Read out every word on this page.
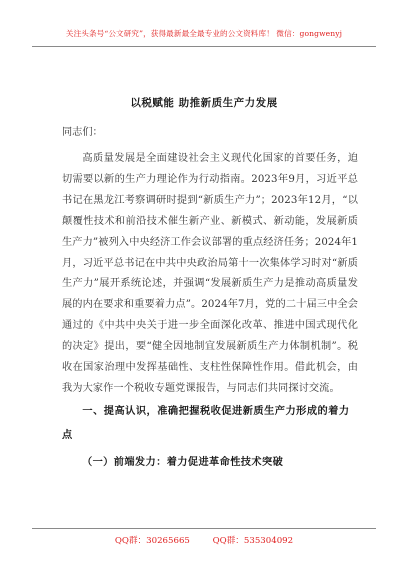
关注头条号“公文研究”，获得最新最全最专业的公文资料库！ 微信：gongwenyj
以税赋能 助推新质生产力发展
同志们：
高质量发展是全面建设社会主义现代化国家的首要任务，迫切需要以新的生产力理论作为行动指南。2023年9月，习近平总书记在黑龙江考察调研时提到“新质生产力”；2023年12月，“以颠覆性技术和前沿技术催生新产业、新模式、新动能，发展新质生产力”被列入中央经济工作会议部署的重点经济任务；2024年1月，习近平总书记在中共中央政治局第十一次集体学习时对“新质生产力”展开系统论述，并强调“发展新质生产力是推动高质量发展的内在要求和重要着力点”。2024年7月，党的二十届三中全会通过的《中共中央关于进一步全面深化改革、推进中国式现代化的决定》提出，要“健全因地制宜发展新质生产力体制机制”。税收在国家治理中发挥基础性、支柱性保障性作用。借此机会，由我为大家作一个税收专题党课报告，与同志们共同探讨交流。
一、提高认识，准确把握税收促进新质生产力形成的着力点
（一）前端发力：着力促进革命性技术突破
QQ群：30265665	QQ群：535304092
